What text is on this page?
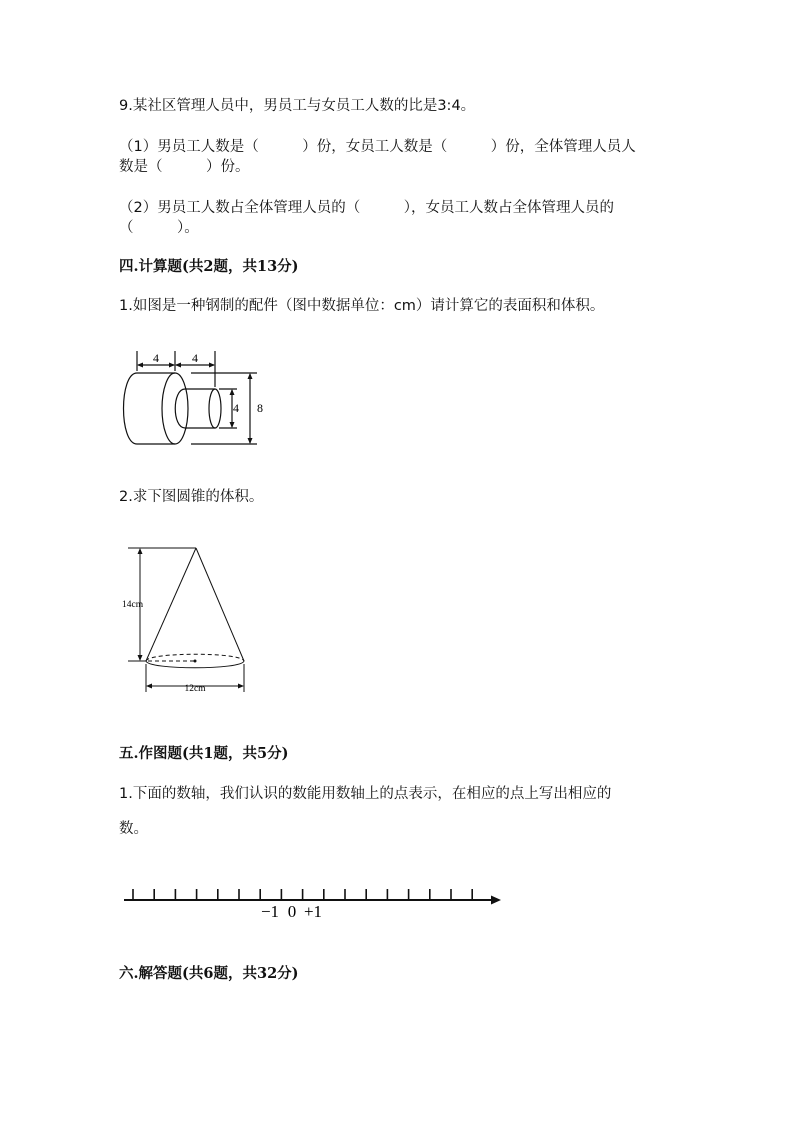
9.某社区管理人员中，男员工与女员工人数的比是3:4。
（1）男员工人数是（　　　）份，女员工人数是（　　　）份，全体管理人员人
数是（　　　）份。
（2）男员工人数占全体管理人员的（　　　），女员工人数占全体管理人员的
（　　　）。
四.计算题(共2题，共13分)
1.如图是一种钢制的配件（图中数据单位：cm）请计算它的表面积和体积。
4	4
4 8
2.求下图圆锥的体积。
14cm
12cm
五.作图题(共1题，共5分)
1.下面的数轴，我们认识的数能用数轴上的点表示，在相应的点上写出相应的
数。
−1 0 +1
六.解答题(共6题，共32分)
